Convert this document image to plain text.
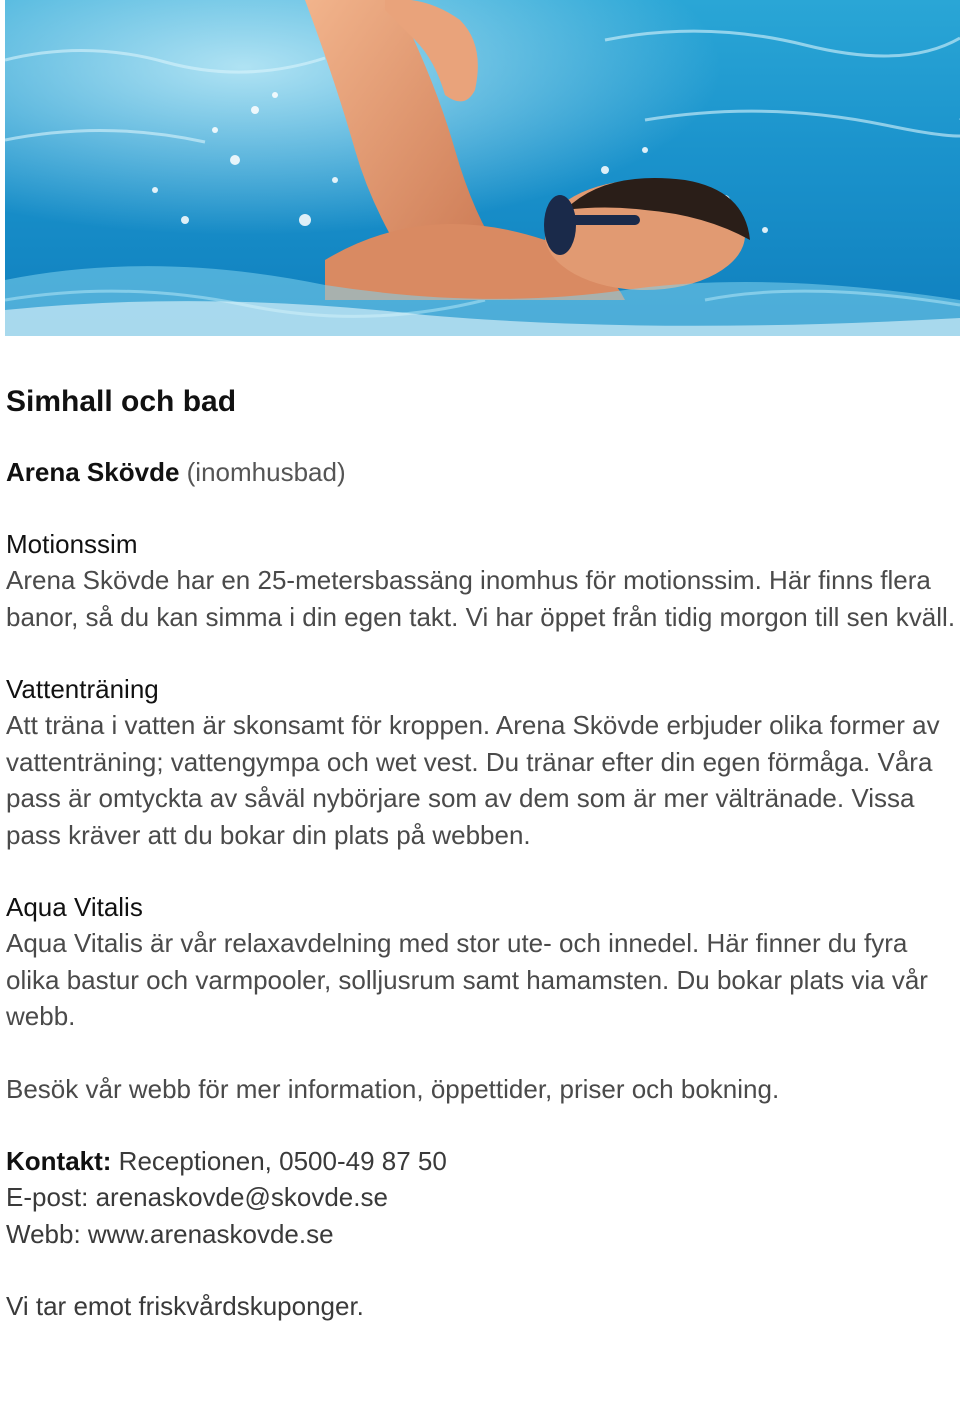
Simhall och bad
Arena Skövde (inomhusbad)
Motionssim
Arena Skövde har en 25-metersbassäng inomhus för motionssim. Här finns flera banor, så du kan simma i din egen takt. Vi har öppet från tidig morgon till sen kväll.
Vattenträning
Att träna i vatten är skonsamt för kroppen. Arena Skövde erbjuder olika former av vattenträning; vattengympa och wet vest. Du tränar efter din egen förmåga. Våra pass är omtyckta av såväl nybörjare som av dem som är mer vältränade. Vissa pass kräver att du bokar din plats på webben.
Aqua Vitalis
Aqua Vitalis är vår relaxavdelning med stor ute- och innedel. Här finner du fyra olika bastur och varmpooler, solljusrum samt hamamsten. Du bokar plats via vår webb.
Besök vår webb för mer information, öppettider, priser och bokning.
Kontakt: Receptionen, 0500-49 87 50
E-post: arenaskovde@skovde.se
Webb: www.arenaskovde.se
Vi tar emot friskvårdskuponger.
